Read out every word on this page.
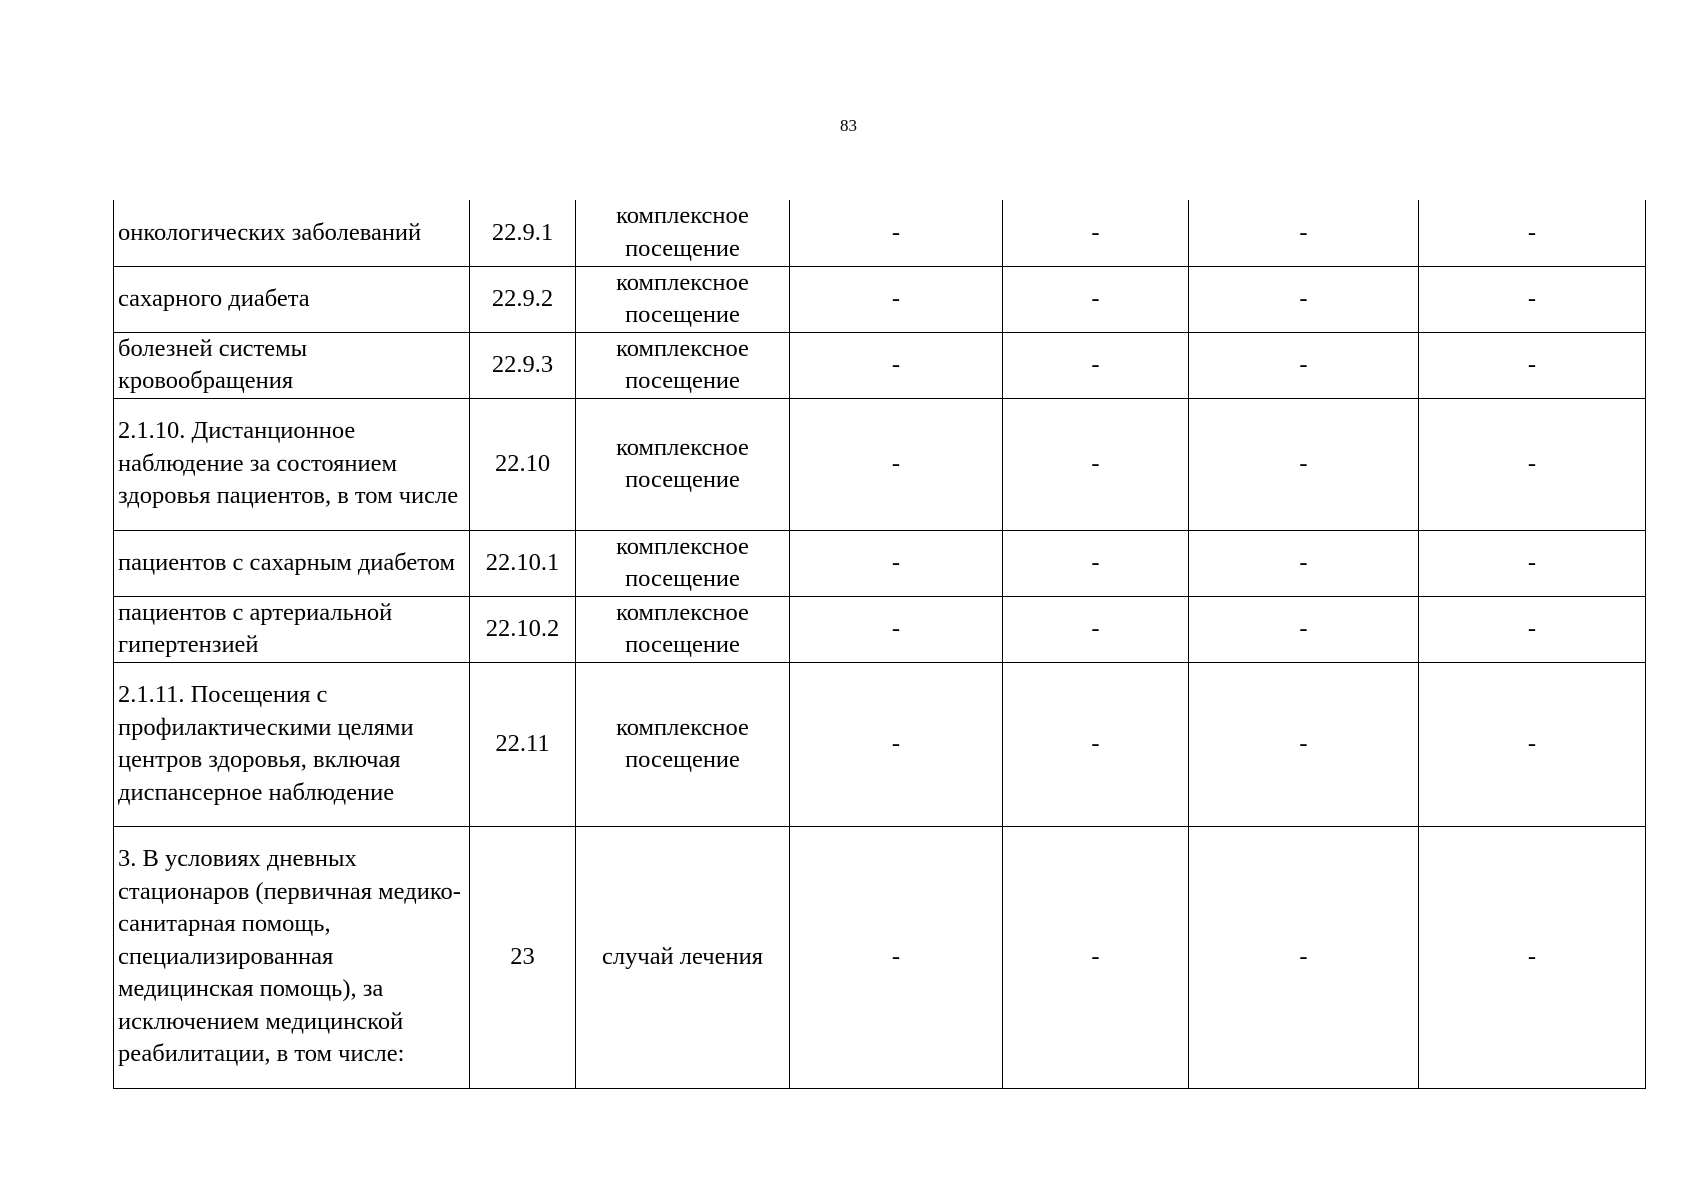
83
онкологических заболеваний	22.9.1	комплексное посещение	-	-	-	-
сахарного диабета	22.9.2	комплексное посещение	-	-	-	-
болезней системы кровообращения	22.9.3	комплексное посещение	-	-	-	-
2.1.10. Дистанционное наблюдение за состоянием здоровья пациентов, в том числе	22.10	комплексное посещение	-	-	-	-
пациентов с сахарным диабетом	22.10.1	комплексное посещение	-	-	-	-
пациентов с артериальной гипертензией	22.10.2	комплексное посещение	-	-	-	-
2.1.11. Посещения с профилактическими целями центров здоровья, включая диспансерное наблюдение	22.11	комплексное посещение	-	-	-	-
3. В условиях дневных стационаров (первичная медико-санитарная помощь, специализированная медицинская помощь), за исключением медицинской реабилитации, в том числе:	23	случай лечения	-	-	-	-
